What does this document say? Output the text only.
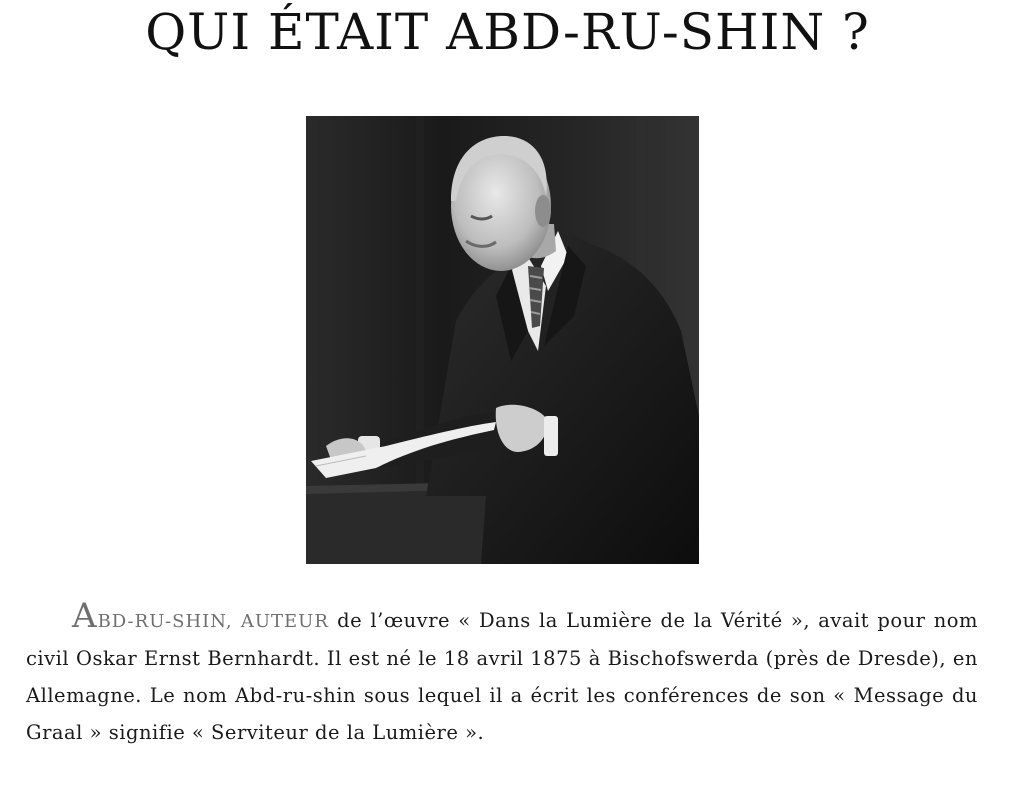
QUI ÉTAIT ABD-RU-SHIN ?

ABD-RU-SHIN, AUTEUR de l’œuvre « Dans la Lumière de la Vérité », avait pour nom civil Oskar Ernst Bernhardt. Il est né le 18 avril 1875 à Bischofswerda (près de Dresde), en Allemagne. Le nom Abd-ru-shin sous lequel il a écrit les conférences de son « Message du Graal » signifie « Serviteur de la Lumière ».
